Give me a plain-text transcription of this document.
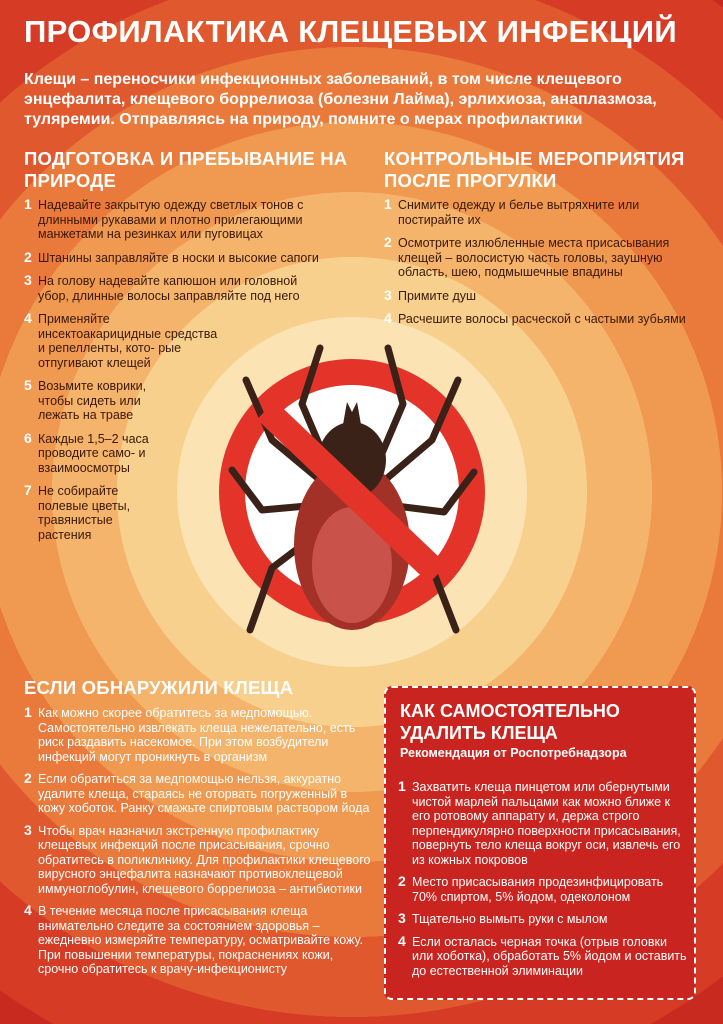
ПРОФИЛАКТИКА КЛЕЩЕВЫХ ИНФЕКЦИЙ

Клещи – переносчики инфекционных заболеваний, в том числе клещевого энцефалита, клещевого боррелиоза (болезни Лайма), эрлихиоза, анаплазмоза, туляремии. Отправляясь на природу, помните о мерах профилактики

ПОДГОТОВКА И ПРЕБЫВАНИЕ НА ПРИРОДЕ
1 Надевайте закрытую одежду светлых тонов с длинными рукавами и плотно прилегающими манжетами на резинках или пуговицах
2 Штанины заправляйте в носки и высокие сапоги
3 На голову надевайте капюшон или головной убор, длинные волосы заправляйте под него
4 Применяйте инсектоакарицидные средства и репелленты, кото- рые отпугивают клещей
5 Возьмите коврики, чтобы сидеть или лежать на траве
6 Каждые 1,5–2 часа проводите само- и взаимоосмотры
7 Не собирайте полевые цветы, травянистые растения
КОНТРОЛЬНЫЕ МЕРОПРИЯТИЯ ПОСЛЕ ПРОГУЛКИ
1 Снимите одежду и белье вытряхните или постирайте их
2 Осмотрите излюбленные места присасывания клещей – волосистую часть головы, заушную область, шею, подмышечные впадины
3 Примите душ
4 Расчешите волосы расческой с частыми зубьями
ЕСЛИ ОБНАРУЖИЛИ КЛЕЩА
1 Как можно скорее обратитесь за медпомощью. Самостоятельно извлекать клеща нежелательно, есть риск раздавить насекомое. При этом возбудители инфекций могут проникнуть в организм
2 Если обратиться за медпомощью нельзя, аккуратно удалите клеща, стараясь не оторвать погруженный в кожу хоботок. Ранку смажьте спиртовым раствором йода
3 Чтобы врач назначил экстренную профилактику клещевых инфекций после присасывания, срочно обратитесь в поликлинику. Для профилактики клещевого вирусного энцефалита назначают противоклещевой иммуноглобулин, клещевого боррелиоза – антибиотики
4 В течение месяца после присасывания клеща внимательно следите за состоянием здоровья – ежедневно измеряйте температуру, осматривайте кожу. При повышении температуры, покраснениях кожи, срочно обратитесь к врачу-инфекционисту
КАК САМОСТОЯТЕЛЬНО УДАЛИТЬ КЛЕЩА
Рекомендация от Роспотребнадзора
1 Захватить клеща пинцетом или обернутыми чистой марлей пальцами как можно ближе к его ротовому аппарату и, держа строго перпендикулярно поверхности присасывания, повернуть тело клеща вокруг оси, извлечь его из кожных покровов
2 Место присасывания продезинфицировать 70% спиртом, 5% йодом, одеколоном
3 Тщательно вымыть руки с мылом
4 Если осталась черная точка (отрыв головки или хоботка), обработать 5% йодом и оставить до естественной элиминации
